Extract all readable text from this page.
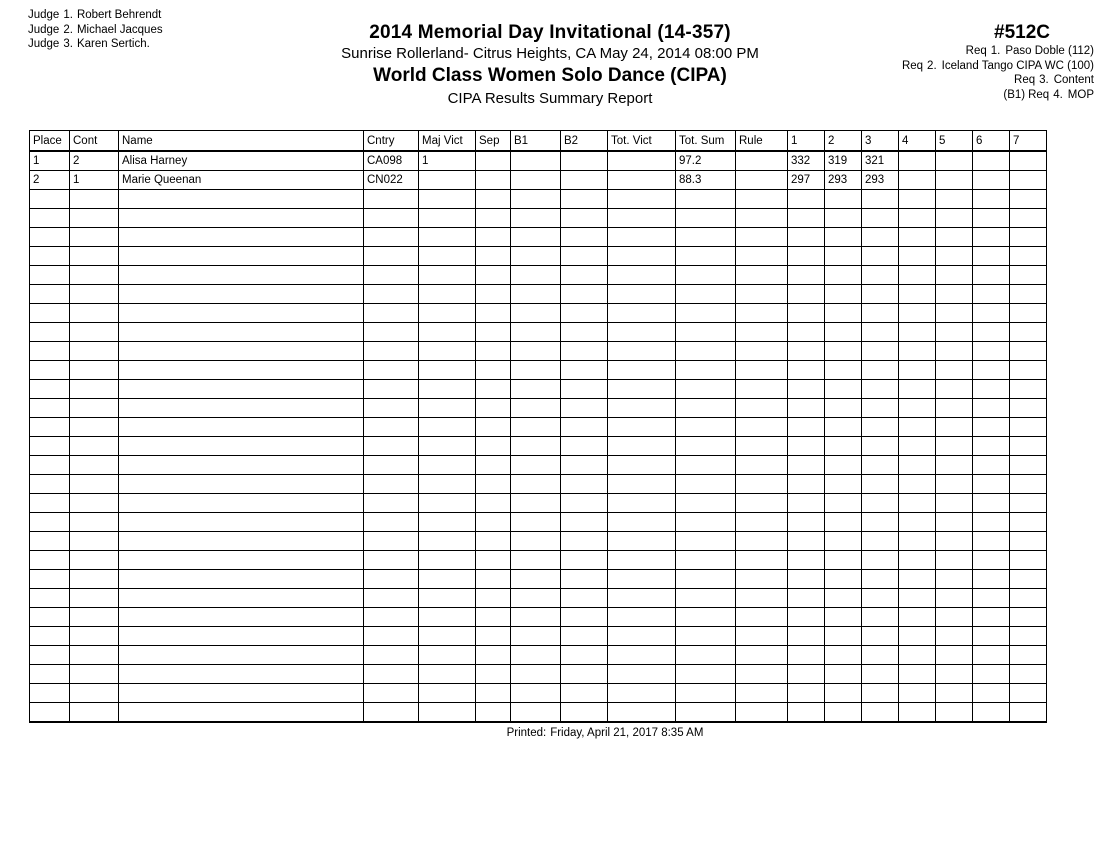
Judge 1. Robert Behrendt
Judge 2. Michael Jacques
Judge 3. Karen Sertich.
2014 Memorial Day Invitational (14-357)
Sunrise Rollerland- Citrus Heights, CA May 24, 2014 08:00 PM
World Class Women Solo Dance (CIPA)
CIPA Results Summary Report
#512C
Req 1. Paso Doble (112)
Req 2. Iceland Tango CIPA WC (100)
Req 3. Content
(B1) Req 4. MOP
Place	Cont	Name	Cntry	Maj Vict	Sep	B1	B2	Tot. Vict	Tot. Sum	Rule	1	2	3	4	5	6	7
1	2	Alisa Harney	CA098	1					97.2		332	319	321				
2	1	Marie Queenan	CN022						88.3		297	293	293				

Printed: Friday, April 21, 2017 8:35 AM
